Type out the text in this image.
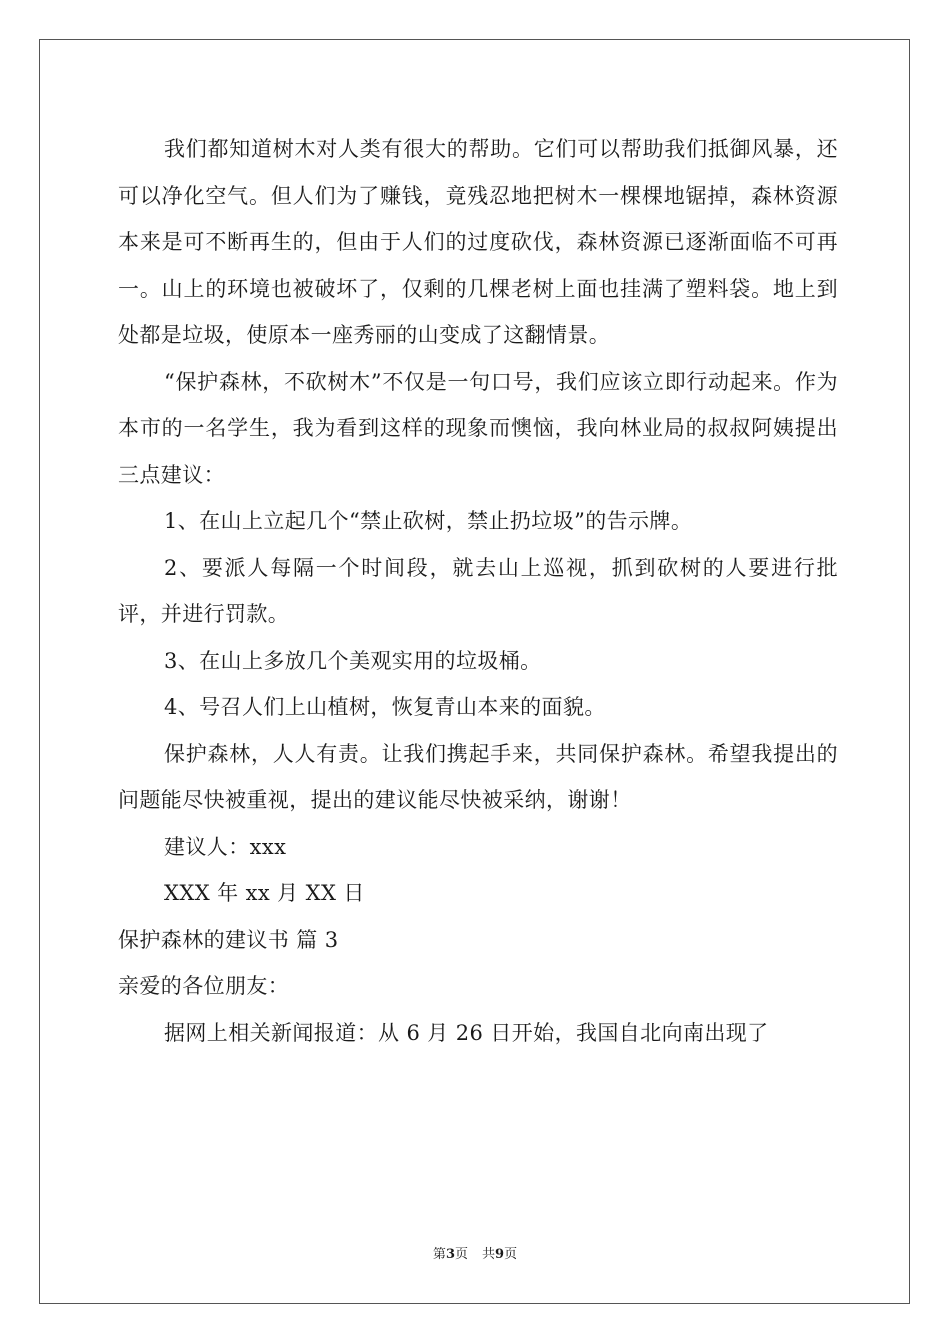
我们都知道树木对人类有很大的帮助。它们可以帮助我们抵御风暴，还可以净化空气。但人们为了赚钱，竟残忍地把树木一棵棵地锯掉，森林资源本来是可不断再生的，但由于人们的过度砍伐，森林资源已逐渐面临不可再一。山上的环境也被破坏了，仅剩的几棵老树上面也挂满了塑料袋。地上到处都是垃圾，使原本一座秀丽的山变成了这翻情景。

“保护森林，不砍树木”不仅是一句口号，我们应该立即行动起来。作为本市的一名学生，我为看到这样的现象而懊恼，我向林业局的叔叔阿姨提出三点建议：

1、在山上立起几个“禁止砍树，禁止扔垃圾”的告示牌。

2、要派人每隔一个时间段，就去山上巡视，抓到砍树的人要进行批评，并进行罚款。

3、在山上多放几个美观实用的垃圾桶。

4、号召人们上山植树，恢复青山本来的面貌。

保护森林，人人有责。让我们携起手来，共同保护森林。希望我提出的问题能尽快被重视，提出的建议能尽快被采纳，谢谢！

建议人：xxx

XXX 年 xx 月 XX 日

保护森林的建议书 篇 3

亲爱的各位朋友：

据网上相关新闻报道：从 6 月 26 日开始，我国自北向南出现了

第3页 共9页
